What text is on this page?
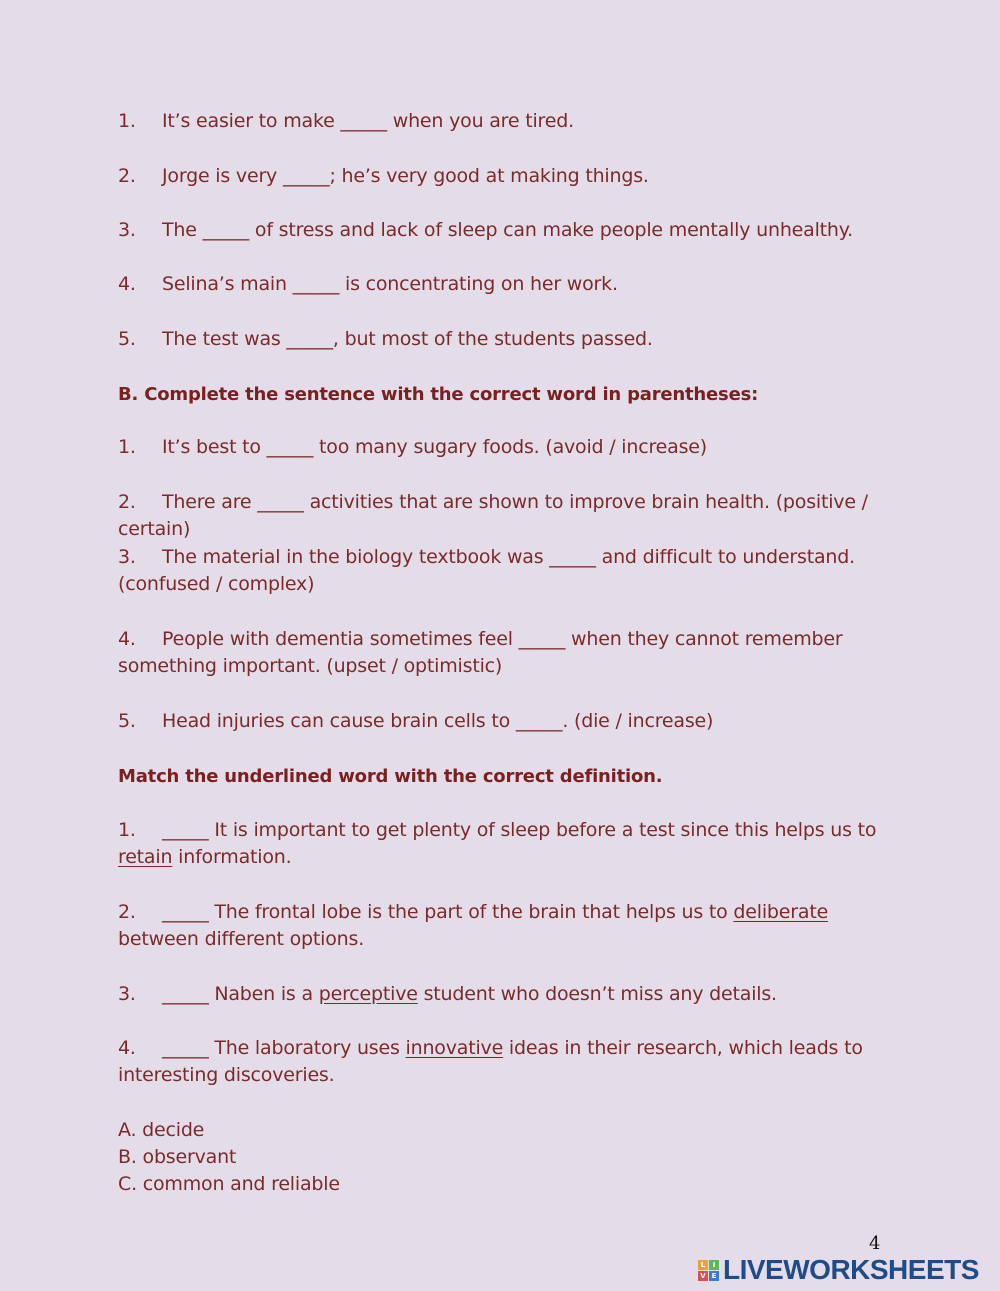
1. It’s easier to make _____ when you are tired.
2. Jorge is very _____; he’s very good at making things.
3. The _____ of stress and lack of sleep can make people mentally unhealthy.
4. Selina’s main _____ is concentrating on her work.
5. The test was _____, but most of the students passed.
B. Complete the sentence with the correct word in parentheses:
1. It’s best to _____ too many sugary foods. (avoid / increase)
2. There are _____ activities that are shown to improve brain health. (positive /
certain)
3. The material in the biology textbook was _____ and difficult to understand.
(confused / complex)
4. People with dementia sometimes feel _____ when they cannot remember
something important. (upset / optimistic)
5. Head injuries can cause brain cells to _____. (die / increase)
Match the underlined word with the correct definition.
1. _____ It is important to get plenty of sleep before a test since this helps us to
retain information.
2. _____ The frontal lobe is the part of the brain that helps us to deliberate
between different options.
3. _____ Naben is a perceptive student who doesn’t miss any details.
4. _____ The laboratory uses innovative ideas in their research, which leads to
interesting discoveries.
A. decide
B. observant
C. common and reliable
4
L	I
V E LIVEWORKSHEETS
